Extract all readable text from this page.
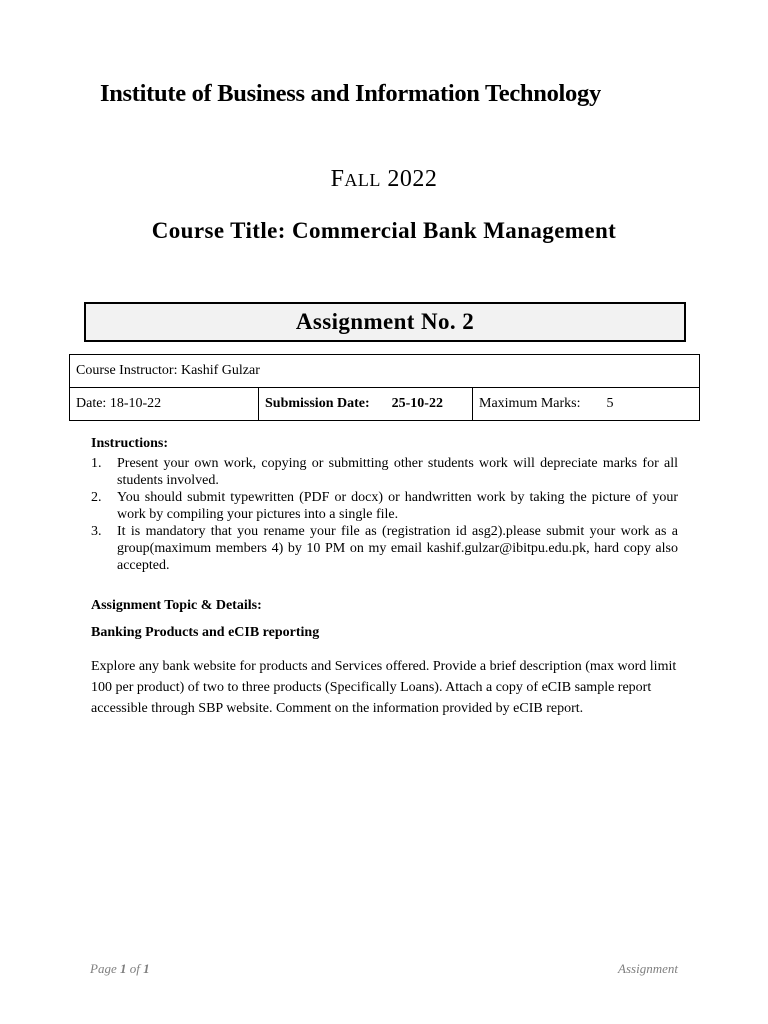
Institute of Business and Information Technology
FALL 2022
Course Title: Commercial Bank Management
Assignment No. 2
Course Instructor: Kashif Gulzar
Date: 18-10-22	Submission Date: 25-10-22	Maximum Marks: 5
Instructions:
1. Present your own work, copying or submitting other students work will depreciate marks for all students involved.
2. You should submit typewritten (PDF or docx) or handwritten work by taking the picture of your work by compiling your pictures into a single file.
3. It is mandatory that you rename your file as (registration id asg2).please submit your work as a group(maximum members 4) by 10 PM on my email kashif.gulzar@ibitpu.edu.pk, hard copy also accepted.
Assignment Topic & Details:
Banking Products and eCIB reporting
Explore any bank website for products and Services offered. Provide a brief description (max word limit 100 per product) of two to three products (Specifically Loans). Attach a copy of eCIB sample report accessible through SBP website. Comment on the information provided by eCIB report.
Page 1 of 1	Assignment
